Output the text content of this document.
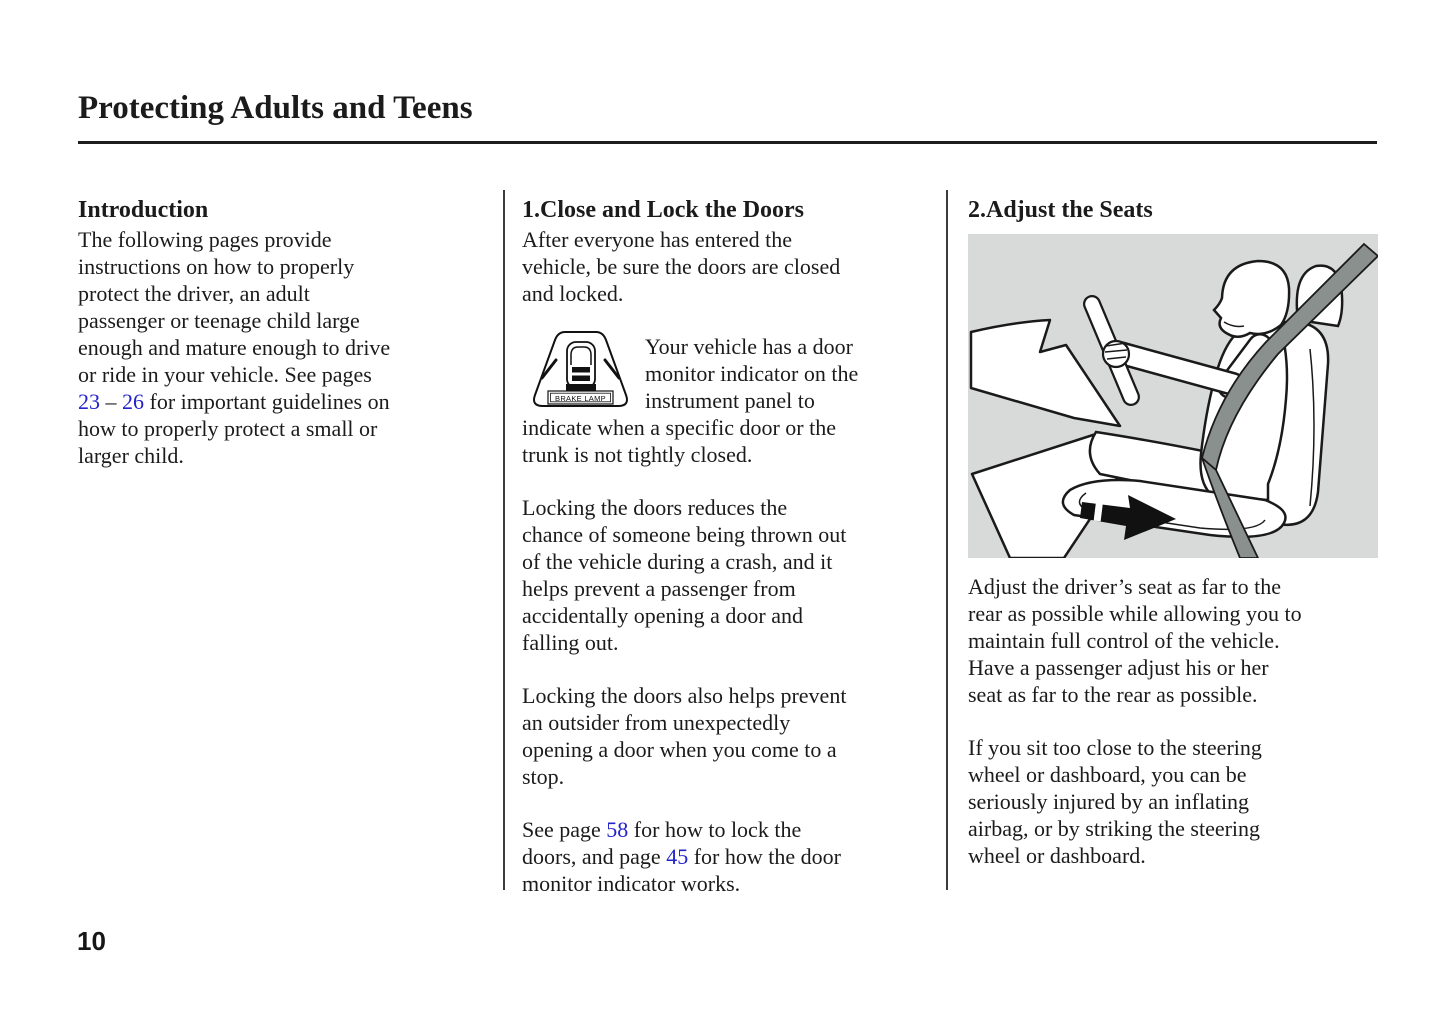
Protecting Adults and Teens
Introduction

The following pages provide
instructions on how to properly
protect the driver, an adult
passenger or teenage child large
enough and mature enough to drive
or ride in your vehicle. See pages
23 – 26 for important guidelines on
how to properly protect a small or
larger child.

1.Close and Lock the Doors

After everyone has entered the
vehicle, be sure the doors are closed
and locked.

BRAKE LAMP
Your vehicle has a door
monitor indicator on the
instrument panel to
indicate when a specific door or the
trunk is not tightly closed.

Locking the doors reduces the
chance of someone being thrown out
of the vehicle during a crash, and it
helps prevent a passenger from
accidentally opening a door and
falling out.

Locking the doors also helps prevent
an outsider from unexpectedly
opening a door when you come to a
stop.

See page 58 for how to lock the
doors, and page 45 for how the door
monitor indicator works.

2.Adjust the Seats

Adjust the driver’s seat as far to the
rear as possible while allowing you to
maintain full control of the vehicle.
Have a passenger adjust his or her
seat as far to the rear as possible.

If you sit too close to the steering
wheel or dashboard, you can be
seriously injured by an inflating
airbag, or by striking the steering
wheel or dashboard.

10
